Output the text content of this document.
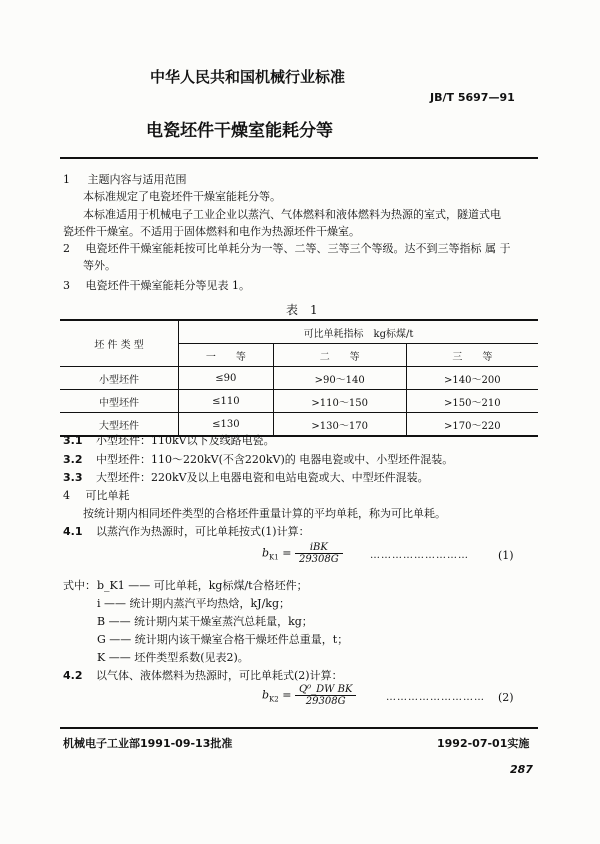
中华人民共和国机械行业标准
JB/T 5697—91
电瓷坯件干燥室能耗分等
1 主题内容与适用范围
本标准规定了电瓷坯件干燥室能耗分等。
本标准适用于机械电子工业企业以蒸汽、气体燃料和液体燃料为热源的室式，隧道式电
瓷坯件干燥室。不适用于固体燃料和电作为热源坯件干燥室。
2 电瓷坯件干燥室能耗按可比单耗分为一等、二等、三等三个等级。达不到三等指标 属 于
等外。
3 电瓷坯件干燥室能耗分等见表 1。
表　1
坯 件 类 型	可比单耗指标　kg标煤/t		
	一　　等	二　　等	三　　等
小型坯件	≤90	>90～140	>140～200
中型坯件	≤110	>110～150	>150～210
大型坯件	≤130	>130～170	>170～220
3.1 小型坯件：110kV以下及线路电瓷。
3.2 中型坯件：110～220kV(不含220kV)的 电器电瓷或中、小型坯件混装。
3.3 大型坯件：220kV及以上电器电瓷和电站电瓷或大、中型坯件混装。
4 可比单耗
按统计期内相同坯件类型的合格坯件重量计算的平均单耗，称为可比单耗。
4.1 以蒸汽作为热源时，可比单耗按式(1)计算：
$b_{K1} = \frac{\text{iBK}}{29308G}$	………………………	(1)
式中： b_K1 —— 可比单耗，kg标煤/t合格坯件；
i —— 统计期内蒸汽平均热焓，kJ/kg；
B —— 统计期内某干燥室蒸汽总耗量，kg；
G —— 统计期内该干燥室合格干燥坯件总重量，t；
K —— 坯件类型系数(见表2)。
4.2 以气体、液体燃料为热源时，可比单耗式(2)计算：
$b_{K2} = \frac{\text{Q⁰\_DW BK}}{29308G}$	……………………… (2)
机械电子工业部1991-09-13批准	1992-07-01实施
287
